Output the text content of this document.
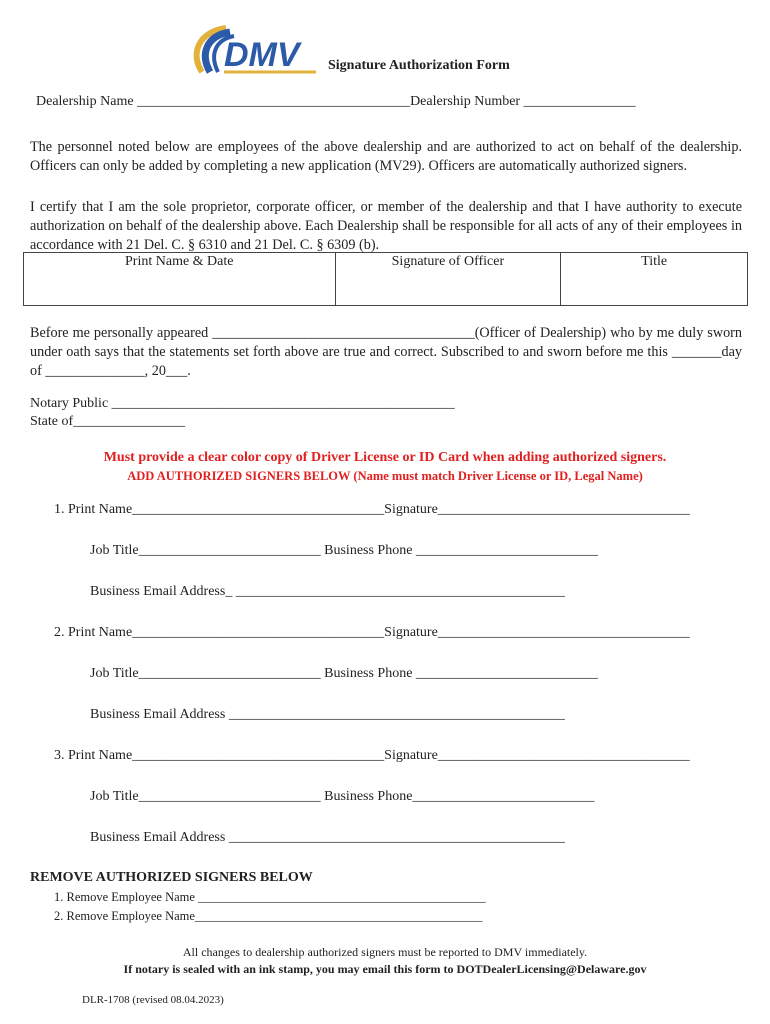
DMV Signature Authorization Form
Dealership Name _______________________________________Dealership Number ________________
The personnel noted below are employees of the above dealership and are authorized to act on behalf of the dealership. Officers can only be added by completing a new application (MV29). Officers are automatically authorized signers.
I certify that I am the sole proprietor, corporate officer, or member of the dealership and that I have authority to execute authorization on behalf of the dealership above. Each Dealership shall be responsible for all acts of any of their employees in accordance with 21 Del. C. § 6310 and 21 Del. C. § 6309 (b).
Print Name & Date	Signature of Officer	Title
Before me personally appeared _____________________________________(Officer of Dealership) who by me duly sworn under oath says that the statements set forth above are true and correct. Subscribed to and sworn before me this _______day of ______________, 20___.
Notary Public _________________________________________________
State of________________
Must provide a clear color copy of Driver License or ID Card when adding authorized signers.
ADD AUTHORIZED SIGNERS BELOW (Name must match Driver License or ID, Legal Name)
1. Print Name____________________________________Signature____________________________________
Job Title__________________________ Business Phone __________________________
Business Email Address_ _______________________________________________
2. Print Name____________________________________Signature____________________________________
Job Title__________________________ Business Phone __________________________
Business Email Address ________________________________________________
3. Print Name____________________________________Signature____________________________________
Job Title__________________________ Business Phone__________________________
Business Email Address ________________________________________________
REMOVE AUTHORIZED SIGNERS BELOW
1. Remove Employee Name ______________________________________________
2. Remove Employee Name______________________________________________
All changes to dealership authorized signers must be reported to DMV immediately.
If notary is sealed with an ink stamp, you may email this form to DOTDealerLicensing@Delaware.gov
DLR-1708 (revised 08.04.2023)
